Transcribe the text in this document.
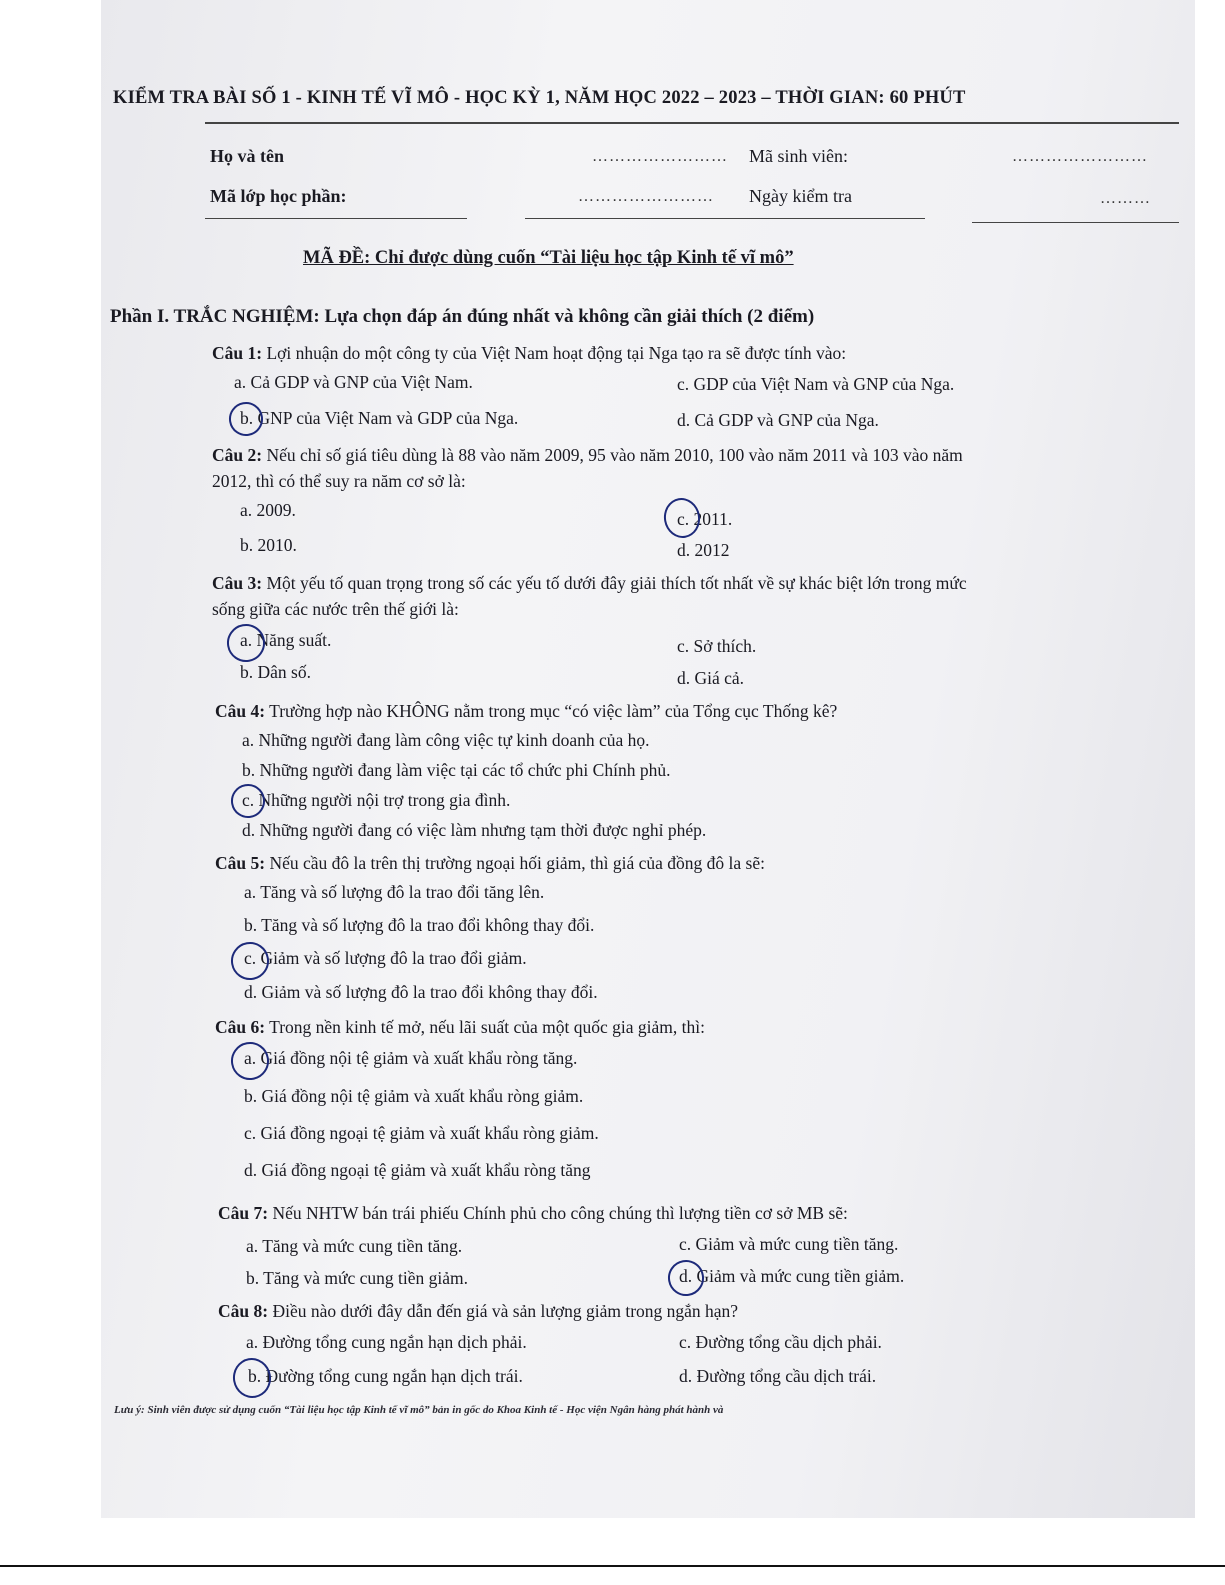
KIỂM TRA BÀI SỐ 1 - KINH TẾ VĨ MÔ - HỌC KỲ 1, NĂM HỌC 2022 – 2023 – THỜI GIAN: 60 PHÚT
Họ và tên	…………………… Mã sinh viên:	……………………
Mã lớp học phần:	…………………… Ngày kiểm tra	………
MÃ ĐỀ: Chỉ được dùng cuốn “Tài liệu học tập Kinh tế vĩ mô”
Phần I. TRẮC NGHIỆM: Lựa chọn đáp án đúng nhất và không cần giải thích (2 điểm)
Câu 1: Lợi nhuận do một công ty của Việt Nam hoạt động tại Nga tạo ra sẽ được tính vào:
a. Cả GDP và GNP của Việt Nam.
b. GNP của Việt Nam và GDP của Nga.
c. GDP của Việt Nam và GNP của Nga.
d. Cả GDP và GNP của Nga.
Câu 2: Nếu chỉ số giá tiêu dùng là 88 vào năm 2009, 95 vào năm 2010, 100 vào năm 2011 và 103 vào năm
2012, thì có thể suy ra năm cơ sở là:
a. 2009.
b. 2010.
c. 2011.
d. 2012
Câu 3: Một yếu tố quan trọng trong số các yếu tố dưới đây giải thích tốt nhất về sự khác biệt lớn trong mức
sống giữa các nước trên thế giới là:
a. Năng suất.
b. Dân số.
c. Sở thích.
d. Giá cả.
Câu 4: Trường hợp nào KHÔNG nằm trong mục “có việc làm” của Tổng cục Thống kê?
a. Những người đang làm công việc tự kinh doanh của họ.
b. Những người đang làm việc tại các tổ chức phi Chính phủ.
c. Những người nội trợ trong gia đình.
d. Những người đang có việc làm nhưng tạm thời được nghỉ phép.
Câu 5: Nếu cầu đô la trên thị trường ngoại hối giảm, thì giá của đồng đô la sẽ:
a. Tăng và số lượng đô la trao đổi tăng lên.
b. Tăng và số lượng đô la trao đổi không thay đổi.
c. Giảm và số lượng đô la trao đổi giảm.
d. Giảm và số lượng đô la trao đổi không thay đổi.
Câu 6: Trong nền kinh tế mở, nếu lãi suất của một quốc gia giảm, thì:
a. Giá đồng nội tệ giảm và xuất khẩu ròng tăng.
b. Giá đồng nội tệ giảm và xuất khẩu ròng giảm.
c. Giá đồng ngoại tệ giảm và xuất khẩu ròng giảm.
d. Giá đồng ngoại tệ giảm và xuất khẩu ròng tăng
Câu 7: Nếu NHTW bán trái phiếu Chính phủ cho công chúng thì lượng tiền cơ sở MB sẽ:
a. Tăng và mức cung tiền tăng.
b. Tăng và mức cung tiền giảm.
c. Giảm và mức cung tiền tăng.
d. Giảm và mức cung tiền giảm.
Câu 8: Điều nào dưới đây dẫn đến giá và sản lượng giảm trong ngắn hạn?
a. Đường tổng cung ngắn hạn dịch phải.
b. Đường tổng cung ngắn hạn dịch trái.
c. Đường tổng cầu dịch phải.
d. Đường tổng cầu dịch trái.
Lưu ý: Sinh viên được sử dụng cuốn “Tài liệu học tập Kinh tế vĩ mô” bản in gốc do Khoa Kinh tế - Học viện Ngân hàng phát hành và
